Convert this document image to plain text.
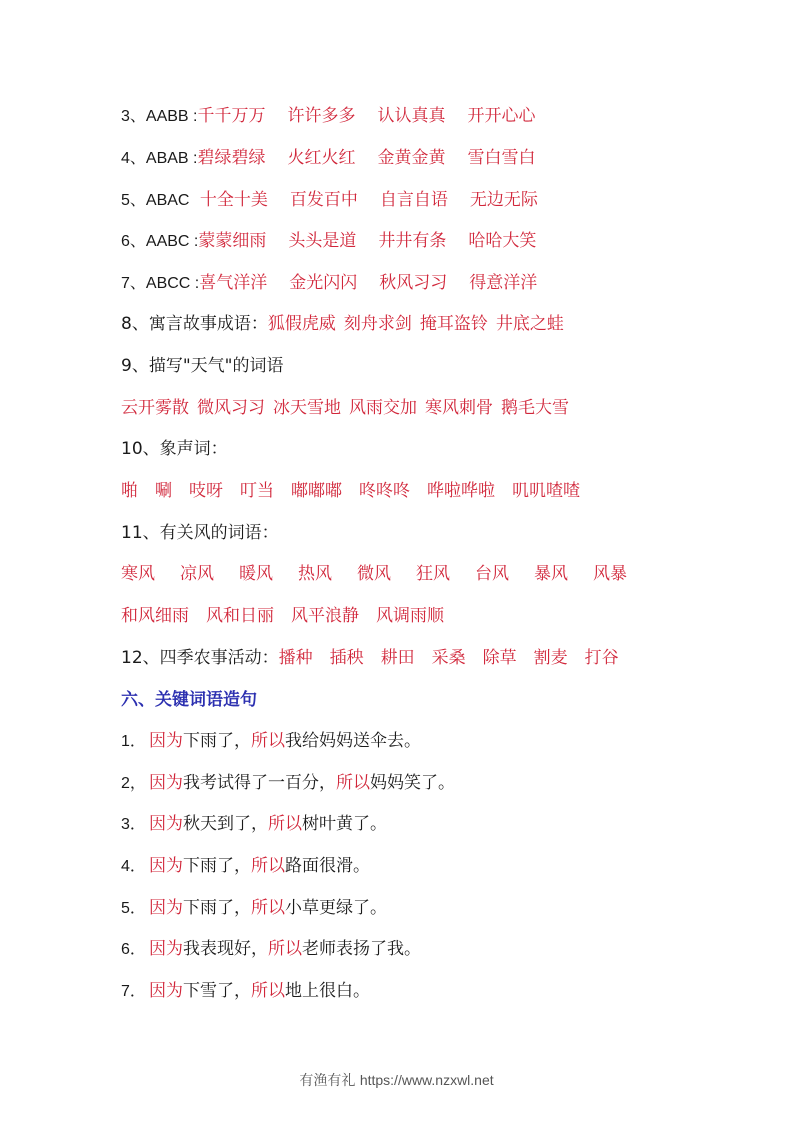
3、AABB :千千万万 许许多多 认认真真 开开心心
4、ABAB :碧绿碧绿 火红火红 金黄金黄 雪白雪白
5、ABAC 十全十美 百发百中 自言自语 无边无际
6、AABC :蒙蒙细雨 头头是道 井井有条 哈哈大笑
7、ABCC :喜气洋洋 金光闪闪 秋风习习 得意洋洋
8、寓言故事成语：狐假虎威 刻舟求剑 掩耳盗铃 井底之蛙
9、描写"天气"的词语
云开雾散 微风习习 冰天雪地 风雨交加 寒风刺骨 鹅毛大雪
10、象声词：
啪 唰 吱呀 叮当 嘟嘟嘟 咚咚咚 哗啦哗啦 叽叽喳喳
11、有关风的词语：
寒风 凉风 暖风 热风 微风 狂风 台风 暴风 风暴
和风细雨 风和日丽 风平浪静 风调雨顺
12、四季农事活动：播种 插秧 耕田 采桑 除草 割麦 打谷
六、关键词语造句
1． 因为下雨了，所以我给妈妈送伞去。
2， 因为我考试得了一百分，所以妈妈笑了。
3． 因为秋天到了，所以树叶黄了。
4． 因为下雨了，所以路面很滑。
5． 因为下雨了，所以小草更绿了。
6． 因为我表现好，所以老师表扬了我。
7． 因为下雪了，所以地上很白。
有渔有礼 https://www.nzxwl.net
